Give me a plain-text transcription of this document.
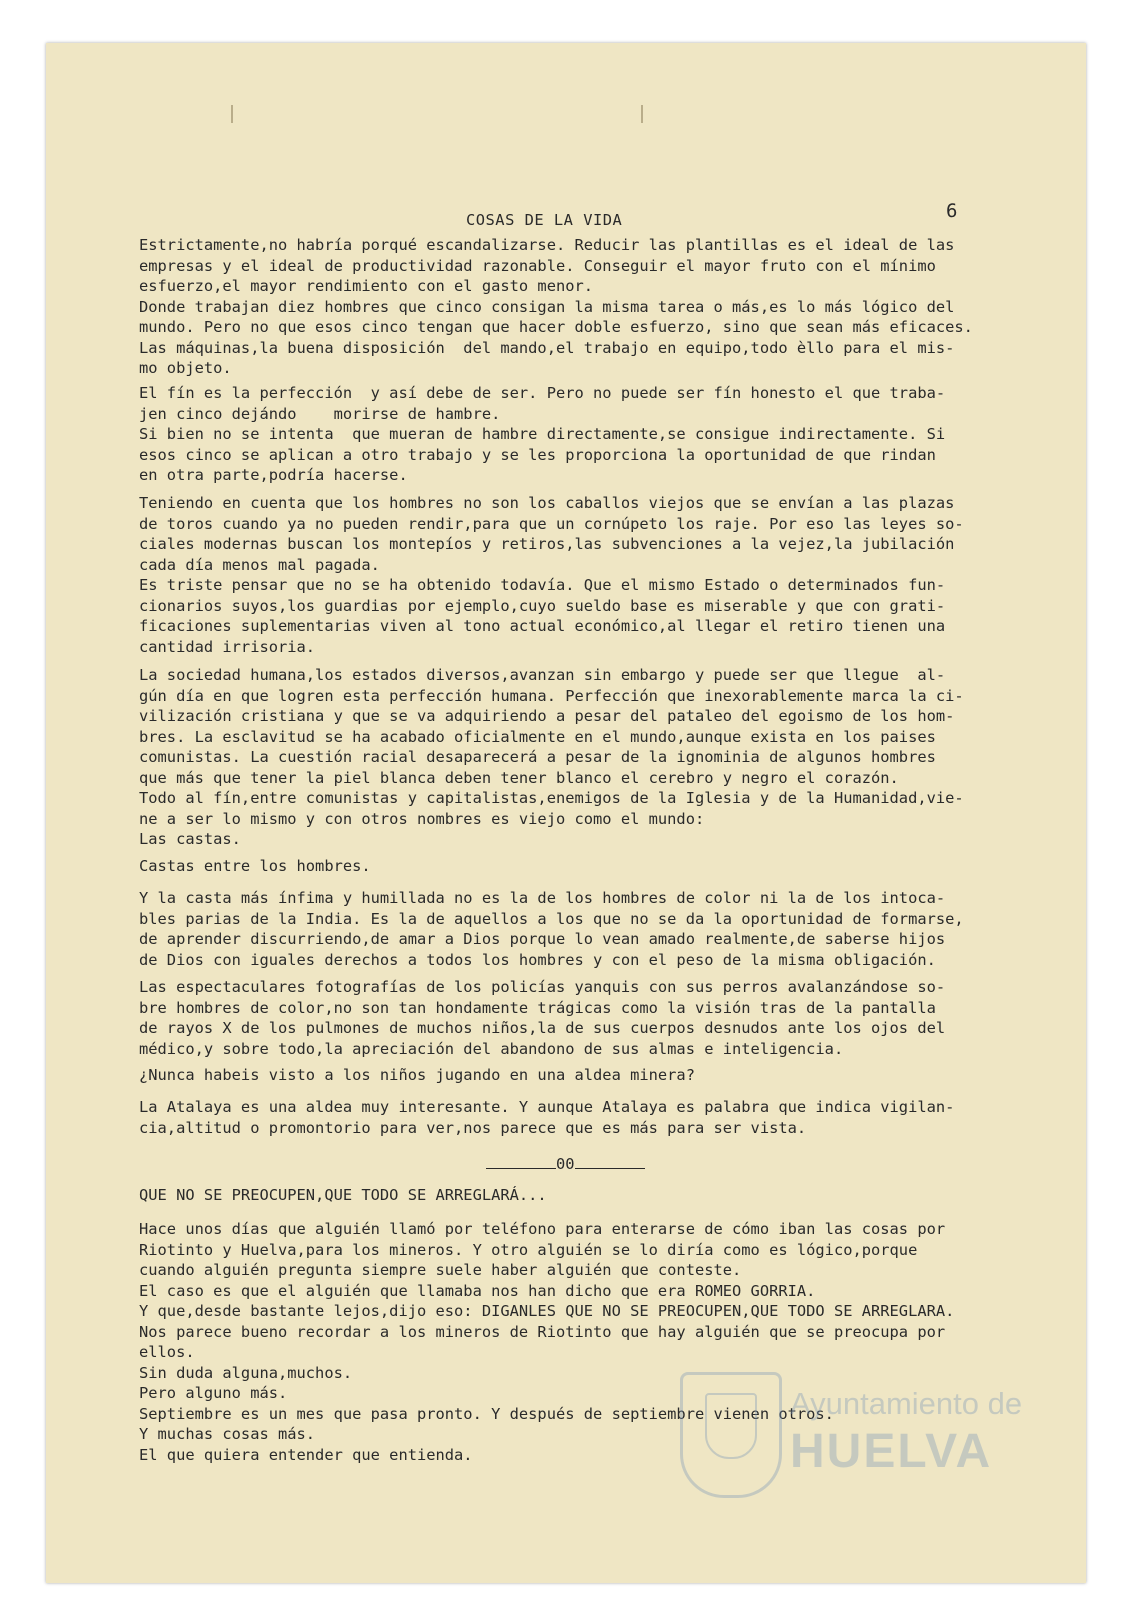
6
COSAS DE LA VIDA
Estrictamente,no habría porqué escandalizarse. Reducir las plantillas es el ideal de las
empresas y el ideal de productividad razonable. Conseguir el mayor fruto con el mínimo
esfuerzo,el mayor rendimiento con el gasto menor.
Donde trabajan diez hombres que cinco consigan la misma tarea o más,es lo más lógico del
mundo. Pero no que esos cinco tengan que hacer doble esfuerzo, sino que sean más eficaces.
Las máquinas,la buena disposición  del mando,el trabajo en equipo,todo èllo para el mis-
mo objeto.
El fín es la perfección  y así debe de ser. Pero no puede ser fín honesto el que traba-
jen cinco dejándo    morirse de hambre.
Si bien no se intenta  que mueran de hambre directamente,se consigue indirectamente. Si
esos cinco se aplican a otro trabajo y se les proporciona la oportunidad de que rindan
en otra parte,podría hacerse.
Teniendo en cuenta que los hombres no son los caballos viejos que se envían a las plazas
de toros cuando ya no pueden rendir,para que un cornúpeto los raje. Por eso las leyes so-
ciales modernas buscan los montepíos y retiros,las subvenciones a la vejez,la jubilación
cada día menos mal pagada.
Es triste pensar que no se ha obtenido todavía. Que el mismo Estado o determinados fun-
cionarios suyos,los guardias por ejemplo,cuyo sueldo base es miserable y que con grati-
ficaciones suplementarias viven al tono actual económico,al llegar el retiro tienen una
cantidad irrisoria.
La sociedad humana,los estados diversos,avanzan sin embargo y puede ser que llegue  al-
gún día en que logren esta perfección humana. Perfección que inexorablemente marca la ci-
vilización cristiana y que se va adquiriendo a pesar del pataleo del egoismo de los hom-
bres. La esclavitud se ha acabado oficialmente en el mundo,aunque exista en los paises
comunistas. La cuestión racial desaparecerá a pesar de la ignominia de algunos hombres
que más que tener la piel blanca deben tener blanco el cerebro y negro el corazón.
Todo al fín,entre comunistas y capitalistas,enemigos de la Iglesia y de la Humanidad,vie-
ne a ser lo mismo y con otros nombres es viejo como el mundo:
Las castas.
Castas entre los hombres.
Y la casta más ínfima y humillada no es la de los hombres de color ni la de los intoca-
bles parias de la India. Es la de aquellos a los que no se da la oportunidad de formarse,
de aprender discurriendo,de amar a Dios porque lo vean amado realmente,de saberse hijos
de Dios con iguales derechos a todos los hombres y con el peso de la misma obligación.
Las espectaculares fotografías de los policías yanquis con sus perros avalanzándose so-
bre hombres de color,no son tan hondamente trágicas como la visión tras de la pantalla
de rayos X de los pulmones de muchos niños,la de sus cuerpos desnudos ante los ojos del
médico,y sobre todo,la apreciación del abandono de sus almas e inteligencia.
¿Nunca habeis visto a los niños jugando en una aldea minera?
La Atalaya es una aldea muy interesante. Y aunque Atalaya es palabra que indica vigilan-
cia,altitud o promontorio para ver,nos parece que es más para ser vista.
00
QUE NO SE PREOCUPEN,QUE TODO SE ARREGLARÁ...
Hace unos días que alguién llamó por teléfono para enterarse de cómo iban las cosas por
Riotinto y Huelva,para los mineros. Y otro alguién se lo diría como es lógico,porque
cuando alguién pregunta siempre suele haber alguién que conteste.
El caso es que el alguién que llamaba nos han dicho que era ROMEO GORRIA.
Y que,desde bastante lejos,dijo eso: DIGANLES QUE NO SE PREOCUPEN,QUE TODO SE ARREGLARA.
Nos parece bueno recordar a los mineros de Riotinto que hay alguién que se preocupa por
ellos.
Sin duda alguna,muchos.
Pero alguno más.
Septiembre es un mes que pasa pronto. Y después de septiembre vienen otros.
Y muchas cosas más.
El que quiera entender que entienda.
Ayuntamiento de
HUELVA
